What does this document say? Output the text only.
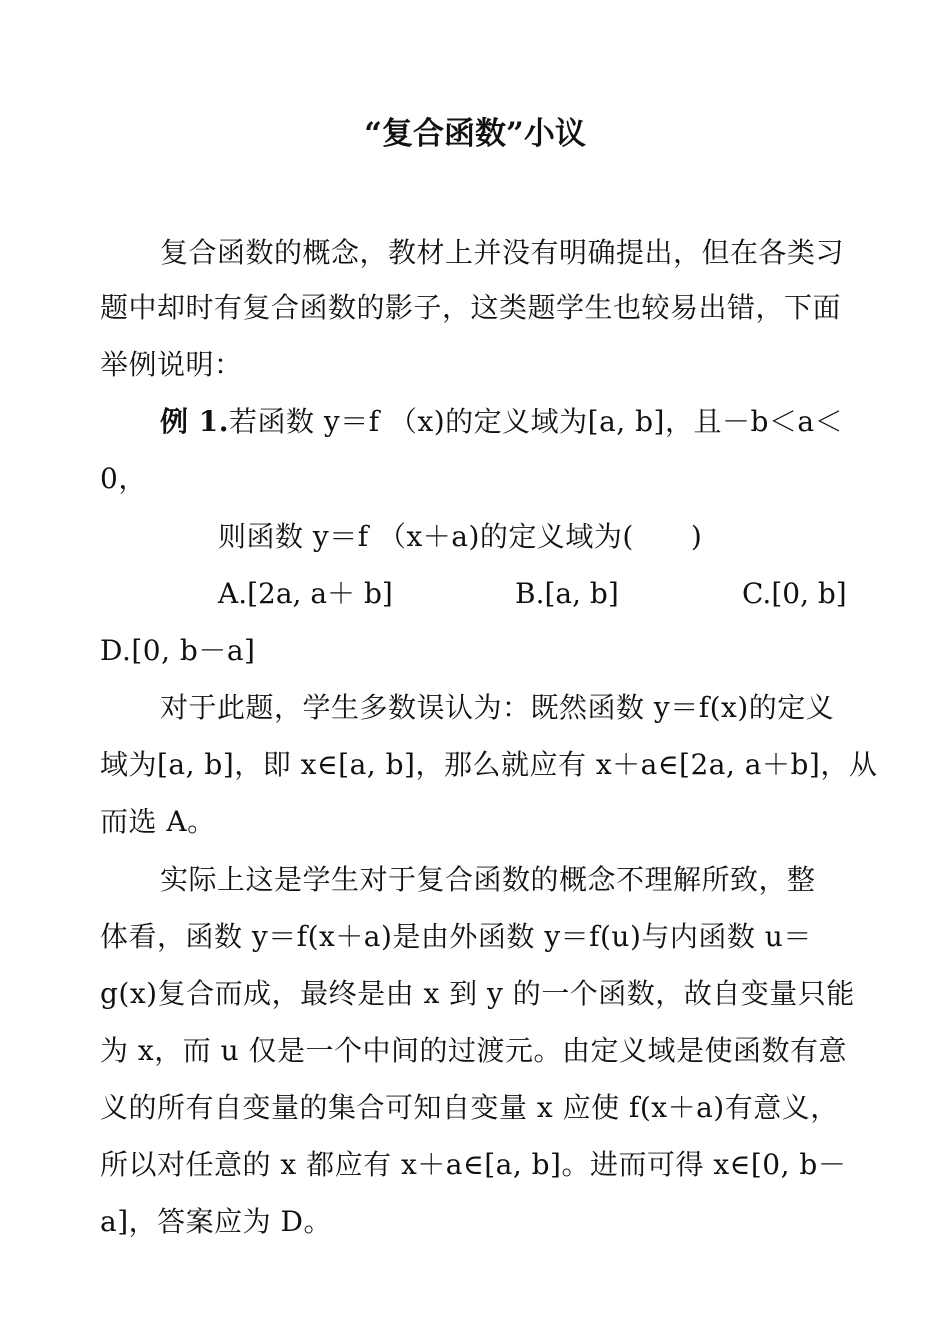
“复合函数”小议
复合函数的概念，教材上并没有明确提出，但在各类习
题中却时有复合函数的影子，这类题学生也较易出错，下面
举例说明：
例 1.若函数 y＝f （x)的定义域为[a, b]，且－b＜a＜
0，
则函数 y＝f （x＋a)的定义域为(　　)
A.[2a, a＋ b]	B.[a, b]	C.[0, b]
D.[0, b－a]
对于此题，学生多数误认为：既然函数 y＝f(x)的定义
域为[a, b]，即 x∈[a, b]，那么就应有 x＋a∈[2a, a＋b]，从
而选 A。
实际上这是学生对于复合函数的概念不理解所致，整
体看，函数 y＝f(x＋a)是由外函数 y＝f(u)与内函数 u＝
g(x)复合而成，最终是由 x 到 y 的一个函数，故自变量只能
为 x，而 u 仅是一个中间的过渡元。由定义域是使函数有意
义的所有自变量的集合可知自变量 x 应使 f(x＋a)有意义，
所以对任意的 x 都应有 x＋a∈[a, b]。进而可得 x∈[0, b－
a]，答案应为 D。
